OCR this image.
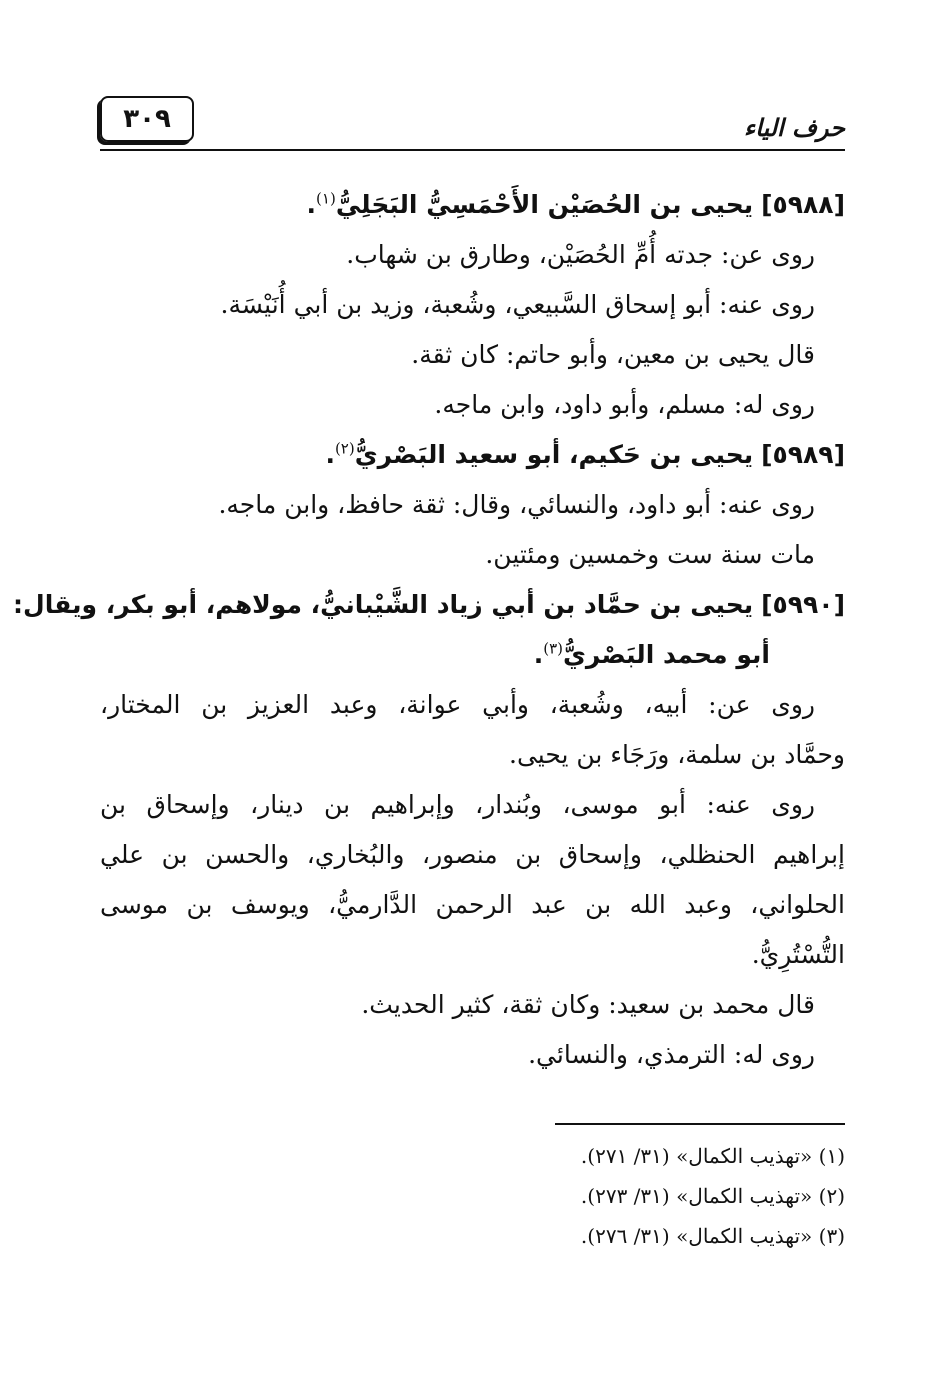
حرف الياء
٣٠٩
[٥٩٨٨] يحيى بن الحُصَيْن الأَحْمَسِيُّ البَجَلِيُّ$^{(١)}$.
روى عن: جدته أُمِّ الحُصَيْن، وطارق بن شهاب.
روى عنه: أبو إسحاق السَّبيعي، وشُعبة، وزيد بن أبي أُنَيْسَة.
قال يحيى بن معين، وأبو حاتم: كان ثقة.
روى له: مسلم، وأبو داود، وابن ماجه.
[٥٩٨٩] يحيى بن حَكيم، أبو سعيد البَصْريُّ$^{(٢)}$.
روى عنه: أبو داود، والنسائي، وقال: ثقة حافظ، وابن ماجه.
مات سنة ست وخمسين ومئتين.
[٥٩٩٠] يحيى بن حمَّاد بن أبي زياد الشَّيْبانيُّ، مولاهم، أبو بكر، ويقال:
أبو محمد البَصْريُّ$^{(٣)}$.
روى عن: أبيه، وشُعبة، وأبي عوانة، وعبد العزيز بن المختار،
وحمَّاد بن سلمة، ورَجَاء بن يحيى.
روى عنه: أبو موسى، وبُندار، وإبراهيم بن دينار، وإسحاق بن
إبراهيم الحنظلي، وإسحاق بن منصور، والبُخاري، والحسن بن علي
الحلواني، وعبد الله بن عبد الرحمن الدَّارميُّ، ويوسف بن موسى
التُّسْتُرِيُّ.
قال محمد بن سعيد: وكان ثقة، كثير الحديث.
روى له: الترمذي، والنسائي.
(١) «تهذيب الكمال» (٣١/ ٢٧١).
(٢) «تهذيب الكمال» (٣١/ ٢٧٣).
(٣) «تهذيب الكمال» (٣١/ ٢٧٦).
